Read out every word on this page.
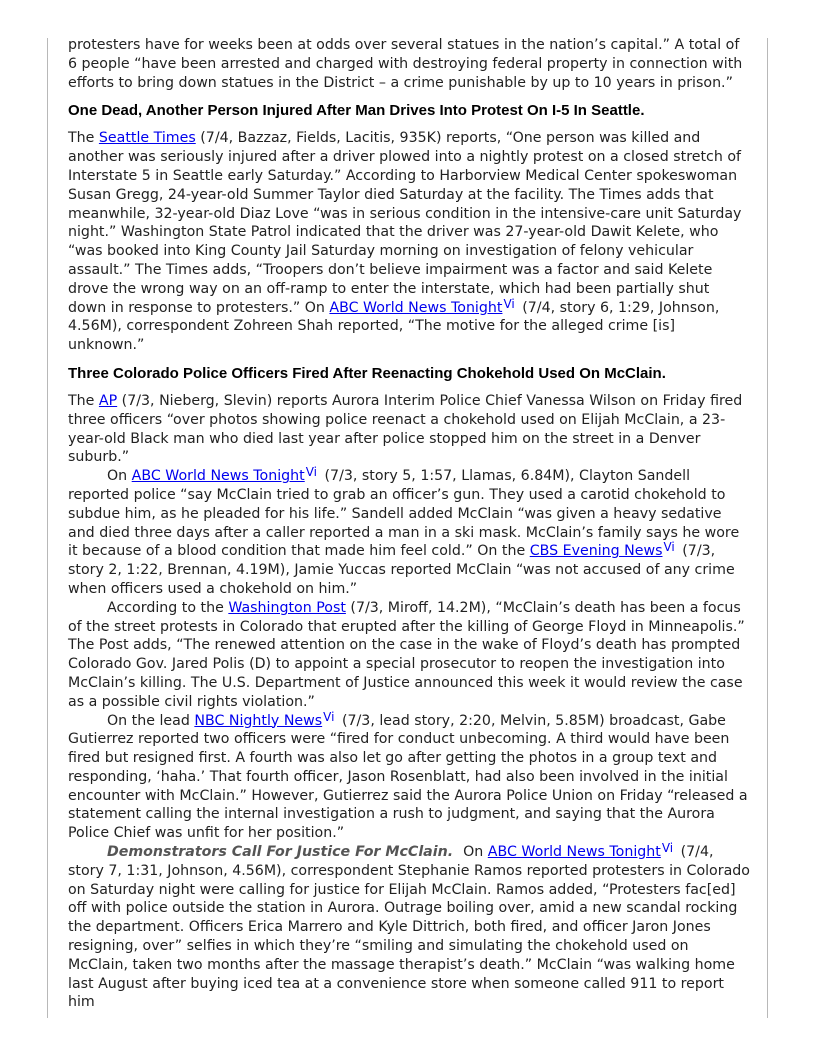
protesters have for weeks been at odds over several statues in the nation’s capital.” A total of 6 people “have been arrested and charged with destroying federal property in connection with efforts to bring down statues in the District – a crime punishable by up to 10 years in prison.”

One Dead, Another Person Injured After Man Drives Into Protest On I-5 In Seattle.

The Seattle Times (7/4, Bazzaz, Fields, Lacitis, 935K) reports, “One person was killed and another was seriously injured after a driver plowed into a nightly protest on a closed stretch of Interstate 5 in Seattle early Saturday.” According to Harborview Medical Center spokeswoman Susan Gregg, 24-year-old Summer Taylor died Saturday at the facility. The Times adds that meanwhile, 32-year-old Diaz Love “was in serious condition in the intensive-care unit Saturday night.” Washington State Patrol indicated that the driver was 27-year-old Dawit Kelete, who “was booked into King County Jail Saturday morning on investigation of felony vehicular assault.” The Times adds, “Troopers don’t believe impairment was a factor and said Kelete drove the wrong way on an off-ramp to enter the interstate, which had been partially shut down in response to protesters.” On ABC World News Tonight$^{Vi}$ (7/4, story 6, 1:29, Johnson, 4.56M), correspondent Zohreen Shah reported, “The motive for the alleged crime [is] unknown.”

Three Colorado Police Officers Fired After Reenacting Chokehold Used On McClain.

The AP (7/3, Nieberg, Slevin) reports Aurora Interim Police Chief Vanessa Wilson on Friday fired three officers “over photos showing police reenact a chokehold used on Elijah McClain, a 23-year-old Black man who died last year after police stopped him on the street in a Denver suburb.”

On ABC World News Tonight$^{Vi}$ (7/3, story 5, 1:57, Llamas, 6.84M), Clayton Sandell reported police “say McClain tried to grab an officer’s gun. They used a carotid chokehold to subdue him, as he pleaded for his life.” Sandell added McClain “was given a heavy sedative and died three days after a caller reported a man in a ski mask. McClain’s family says he wore it because of a blood condition that made him feel cold.” On the CBS Evening News$^{Vi}$ (7/3, story 2, 1:22, Brennan, 4.19M), Jamie Yuccas reported McClain “was not accused of any crime when officers used a chokehold on him.”

According to the Washington Post (7/3, Miroff, 14.2M), “McClain’s death has been a focus of the street protests in Colorado that erupted after the killing of George Floyd in Minneapolis.” The Post adds, “The renewed attention on the case in the wake of Floyd’s death has prompted Colorado Gov. Jared Polis (D) to appoint a special prosecutor to reopen the investigation into McClain’s killing. The U.S. Department of Justice announced this week it would review the case as a possible civil rights violation.”

On the lead NBC Nightly News$^{Vi}$ (7/3, lead story, 2:20, Melvin, 5.85M) broadcast, Gabe Gutierrez reported two officers were “fired for conduct unbecoming. A third would have been fired but resigned first. A fourth was also let go after getting the photos in a group text and responding, ‘haha.’ That fourth officer, Jason Rosenblatt, had also been involved in the initial encounter with McClain.” However, Gutierrez said the Aurora Police Union on Friday “released a statement calling the internal investigation a rush to judgment, and saying that the Aurora Police Chief was unfit for her position.”

Demonstrators Call For Justice For McClain. On ABC World News Tonight$^{Vi}$ (7/4, story 7, 1:31, Johnson, 4.56M), correspondent Stephanie Ramos reported protesters in Colorado on Saturday night were calling for justice for Elijah McClain. Ramos added, “Protesters fac[ed] off with police outside the station in Aurora. Outrage boiling over, amid a new scandal rocking the department. Officers Erica Marrero and Kyle Dittrich, both fired, and officer Jaron Jones resigning, over” selfies in which they’re “smiling and simulating the chokehold used on McClain, taken two months after the massage therapist’s death.” McClain “was walking home last August after buying iced tea at a convenience store when someone called 911 to report him
